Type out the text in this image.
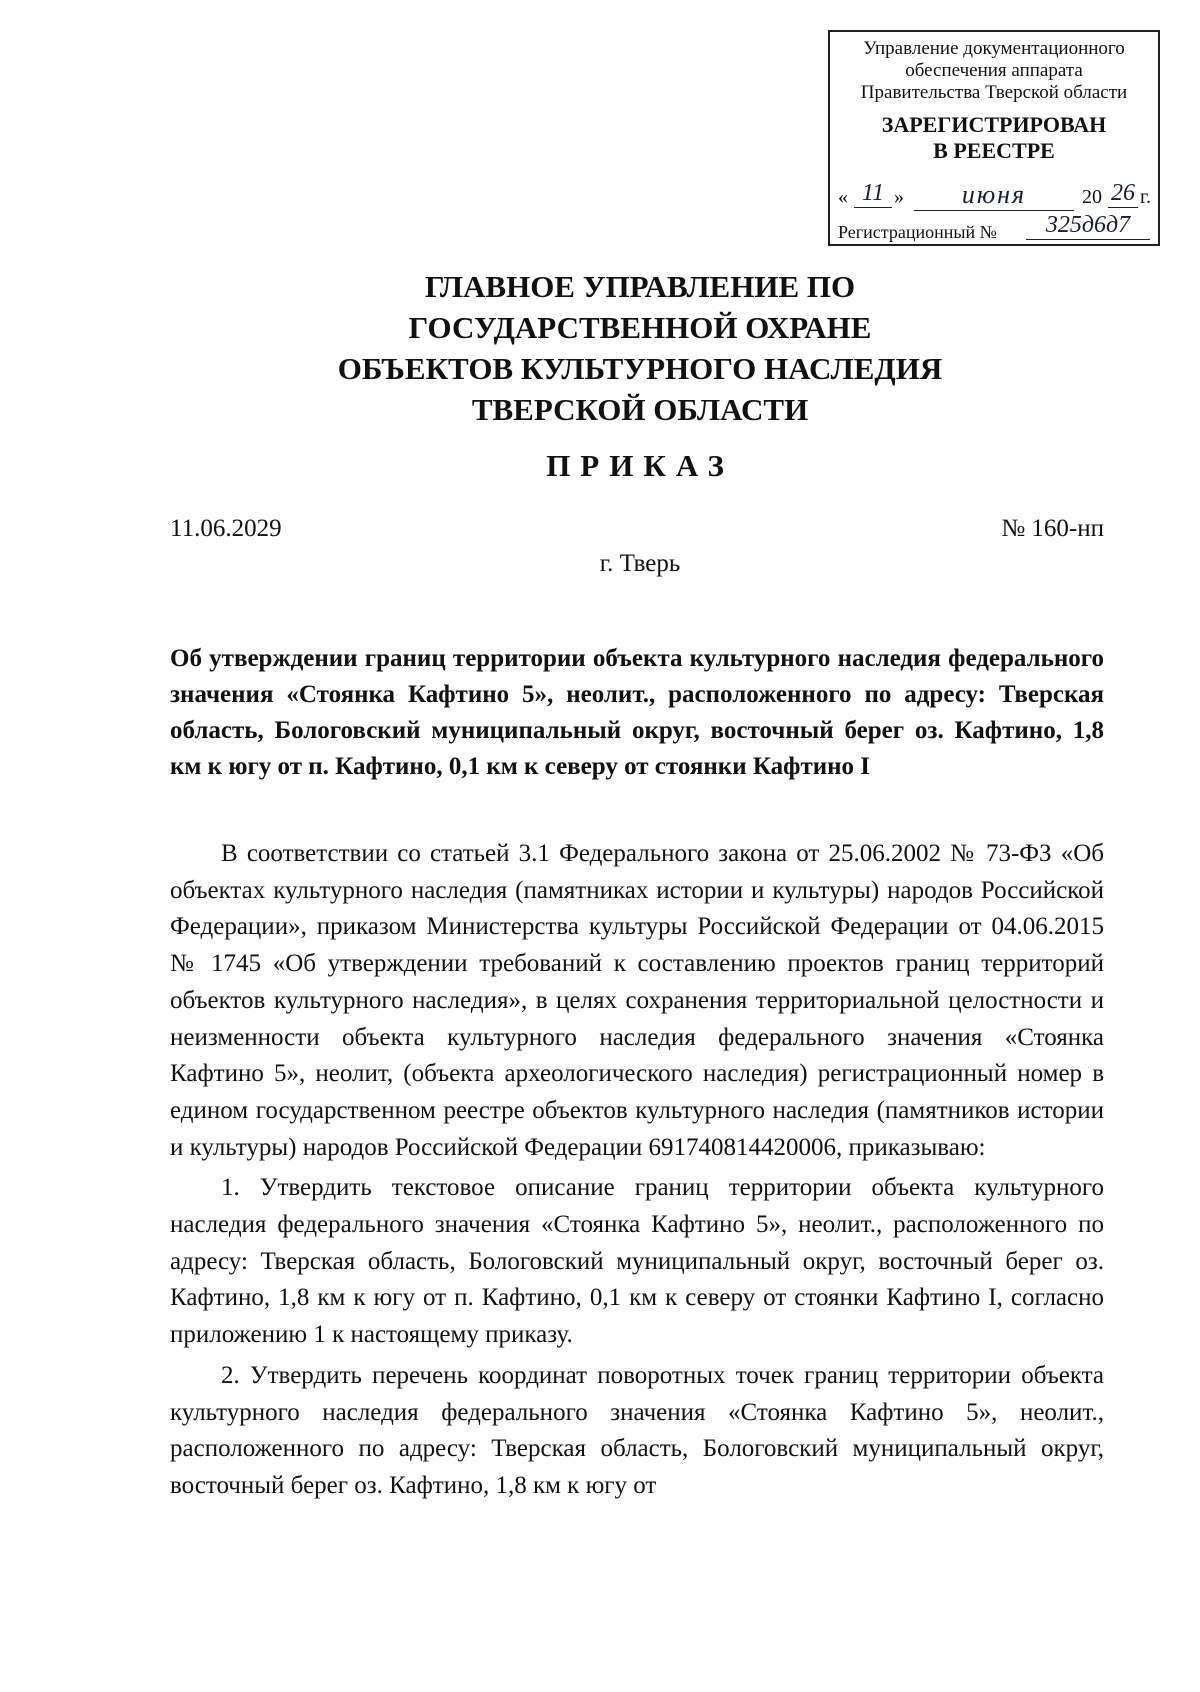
Управление документационного
обеспечения аппарата
Правительства Тверской области
ЗАРЕГИСТРИРОВАН
В РЕЕСТРЕ
« 11 »	июня	20 26 г.
Регистрационный №	325д6д7
ГЛАВНОЕ УПРАВЛЕНИЕ ПО
ГОСУДАРСТВЕННОЙ ОХРАНЕ
ОБЪЕКТОВ КУЛЬТУРНОГО НАСЛЕДИЯ
ТВЕРСКОЙ ОБЛАСТИ
ПРИКАЗ
11.06.2029	№ 160-нп
г. Тверь
Об утверждении границ территории объекта культурного наследия федерального значения «Стоянка Кафтино 5», неолит., расположенного по адресу: Тверская область, Бологовский муниципальный округ, восточный берег оз. Кафтино, 1,8 км к югу от п. Кафтино, 0,1 км к северу от стоянки Кафтино I

В соответствии со статьей 3.1 Федерального закона от 25.06.2002 № 73-ФЗ «Об объектах культурного наследия (памятниках истории и культуры) народов Российской Федерации», приказом Министерства культуры Российской Федерации от 04.06.2015 № 1745 «Об утверждении требований к составлению проектов границ территорий объектов культурного наследия», в целях сохранения территориальной целостности и неизменности объекта культурного наследия федерального значения «Стоянка Кафтино 5», неолит, (объекта археологического наследия) регистрационный номер в едином государственном реестре объектов культурного наследия (памятников истории и культуры) народов Российской Федерации 691740814420006, приказываю:

1. Утвердить текстовое описание границ территории объекта культурного наследия федерального значения «Стоянка Кафтино 5», неолит., расположенного по адресу: Тверская область, Бологовский муниципальный округ, восточный берег оз. Кафтино, 1,8 км к югу от п. Кафтино, 0,1 км к северу от стоянки Кафтино I, согласно приложению 1 к настоящему приказу.

2. Утвердить перечень координат поворотных точек границ территории объекта культурного наследия федерального значения «Стоянка Кафтино 5», неолит., расположенного по адресу: Тверская область, Бологовский муниципальный округ, восточный берег оз. Кафтино, 1,8 км к югу от
